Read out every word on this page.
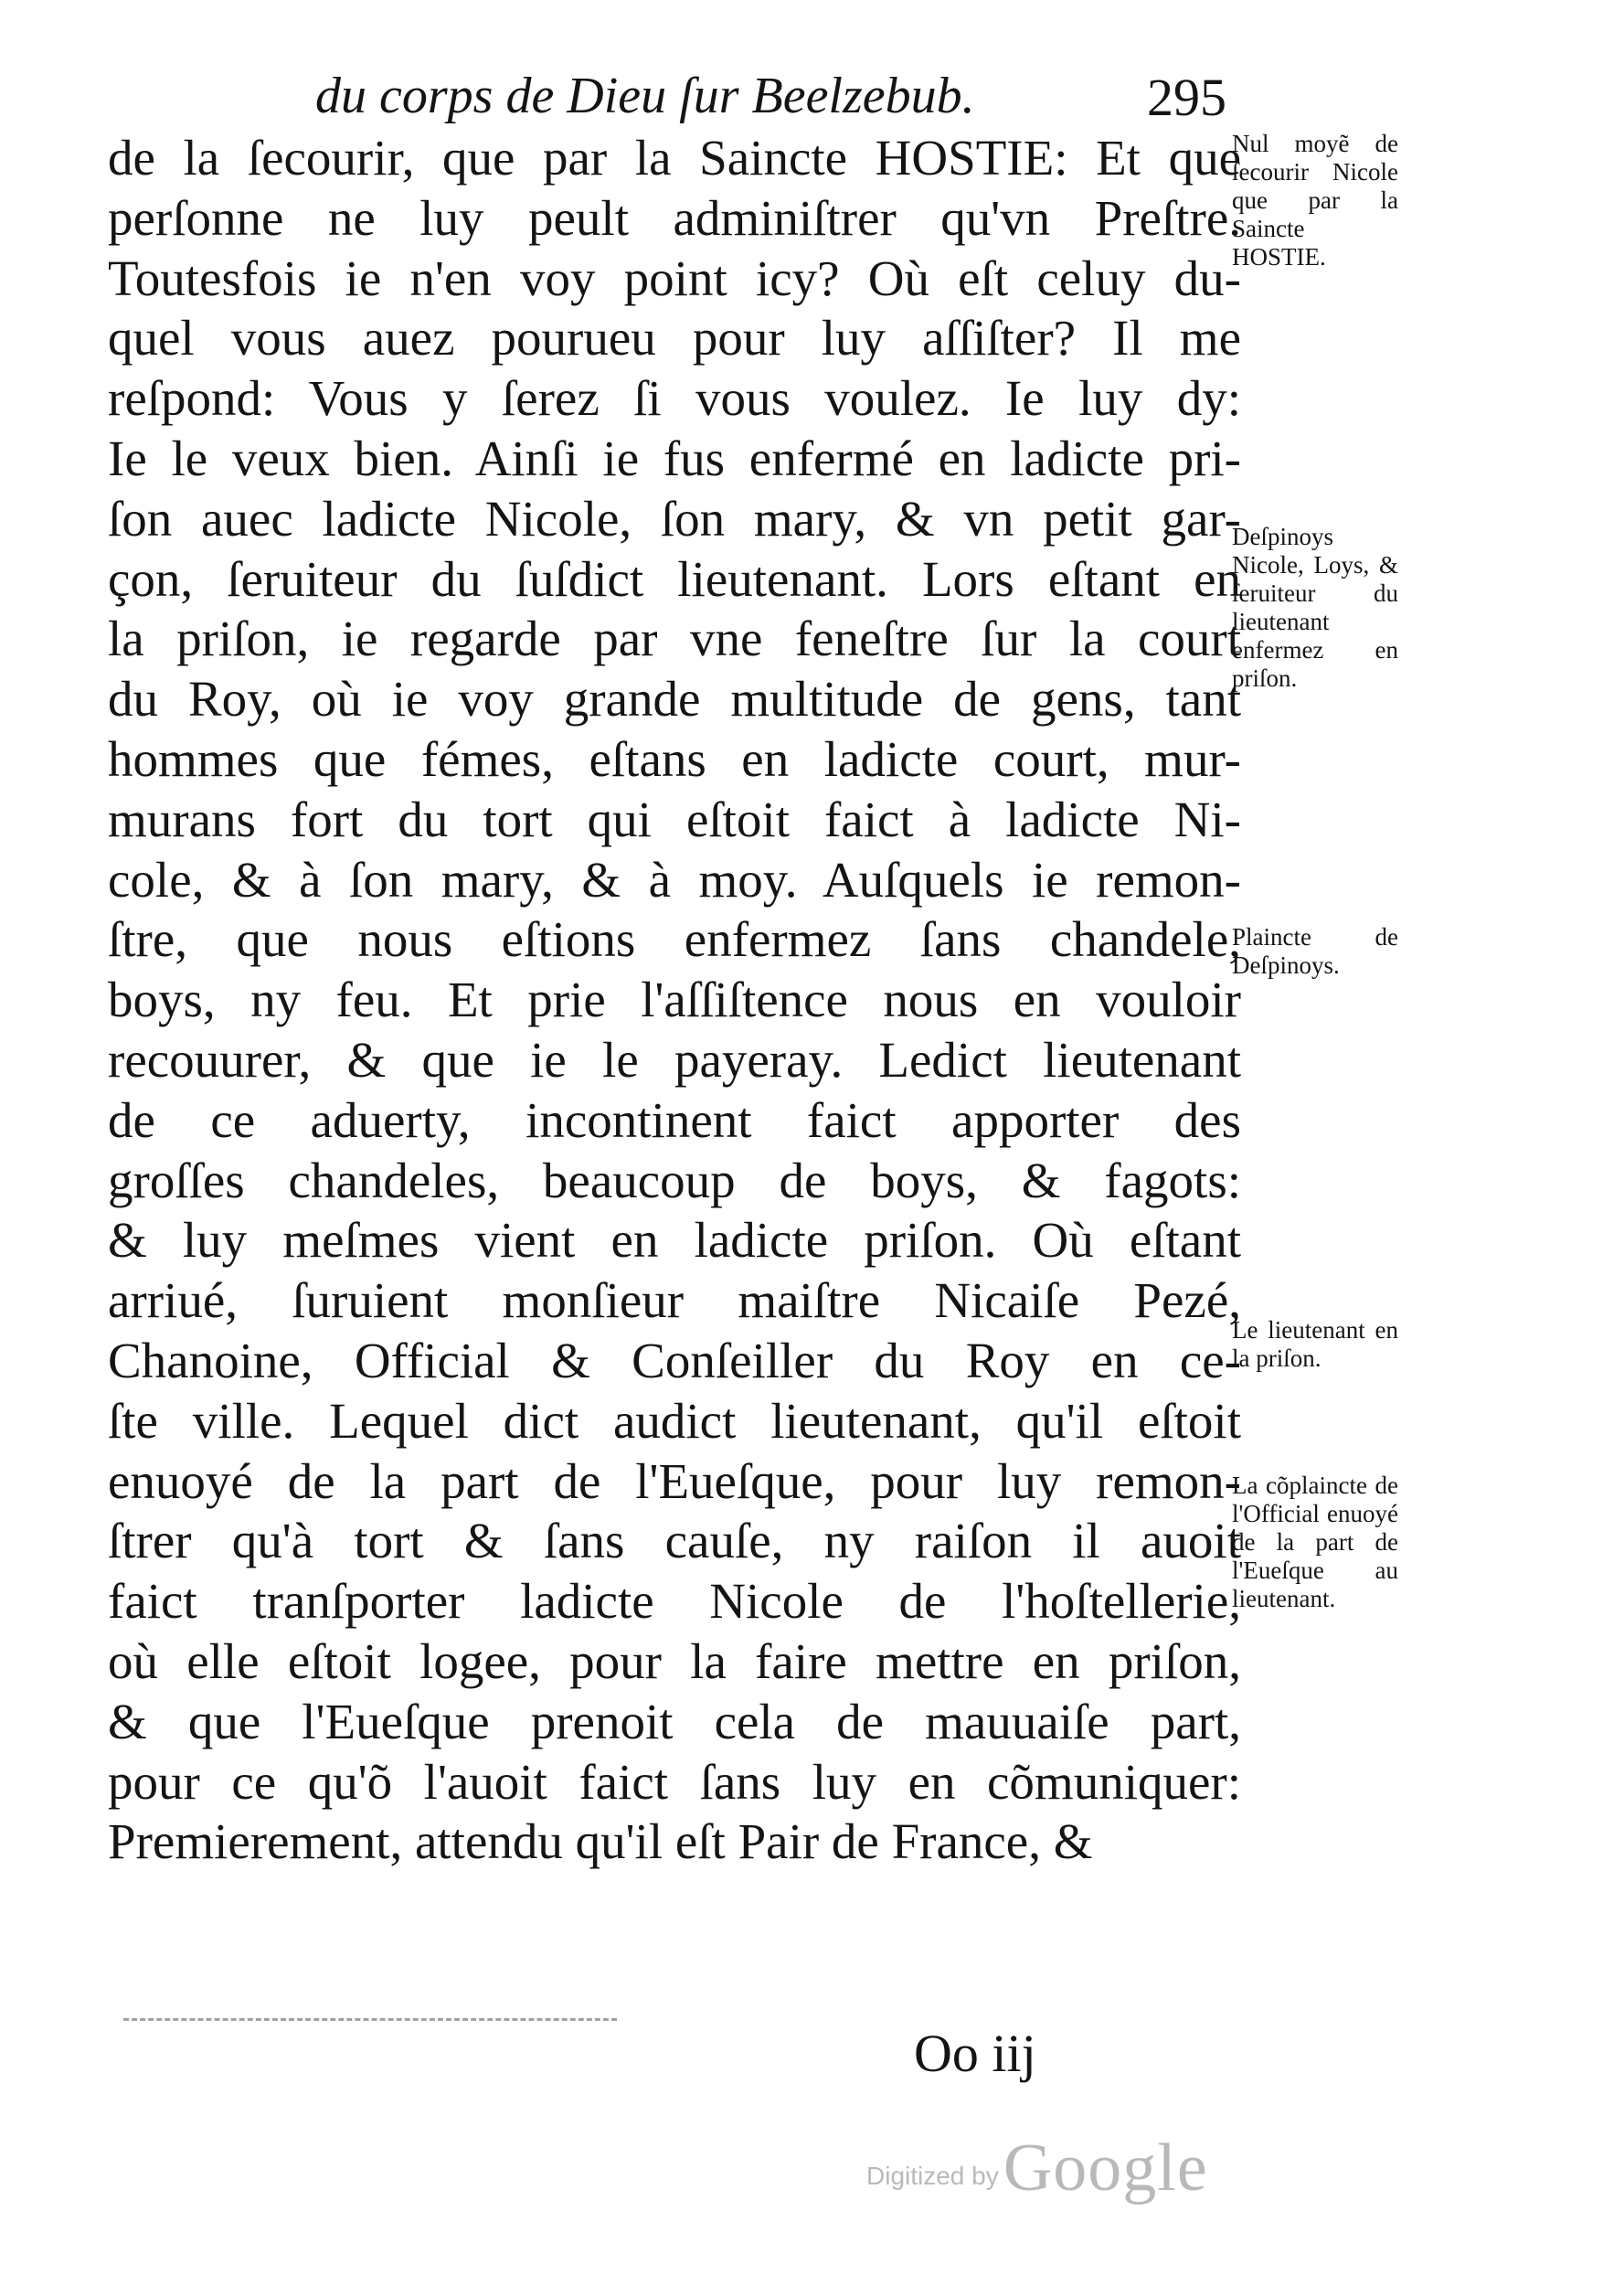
du corps de Dieu ſur Beelzebub.	295
de la ſecourir, que par la Saincte HOSTIE: Et que
perſonne ne luy peult adminiſtrer qu'vn Preſtre.
Toutesfois ie n'en voy point icy? Où eſt celuy du-
quel vous auez pourueu pour luy aſſiſter? Il me
reſpond: Vous y ſerez ſi vous voulez. Ie luy dy:
Ie le veux bien. Ainſi ie fus enfermé en ladicte pri-
ſon auec ladicte Nicole, ſon mary, & vn petit gar-
çon, ſeruiteur du ſuſdict lieutenant. Lors eſtant en
la priſon, ie regarde par vne feneſtre ſur la court
du Roy, où ie voy grande multitude de gens, tant
hommes que fémes, eſtans en ladicte court, mur-
murans fort du tort qui eſtoit faict à ladicte Ni-
cole, & à ſon mary, & à moy. Auſquels ie remon-
ſtre, que nous eſtions enfermez ſans chandele,
boys, ny feu. Et prie l'aſſiſtence nous en vouloir
recouurer, & que ie le payeray. Ledict lieutenant
de ce aduerty, incontinent faict apporter des
groſſes chandeles, beaucoup de boys, & fagots:
& luy meſmes vient en ladicte priſon. Où eſtant
arriué, ſuruient monſieur maiſtre Nicaiſe Pezé,
Chanoine, Official & Conſeiller du Roy en ce-
ſte ville. Lequel dict audict lieutenant, qu'il eſtoit
enuoyé de la part de l'Eueſque, pour luy remon-
ſtrer qu'à tort & ſans cauſe, ny raiſon il auoit
faict tranſporter ladicte Nicole de l'hoſtellerie,
où elle eſtoit logee, pour la faire mettre en priſon,
& que l'Eueſque prenoit cela de mauuaiſe part,
pour ce qu'õ l'auoit faict ſans luy en cõmuniquer:
Premierement, attendu qu'il eſt Pair de France, &
Nul moyẽ de ſecourir Nicole que par la Saincte HOSTIE.
Deſpinoys Nicole, Loys, & ſeruiteur du lieutenant enfermez en priſon.
Plaincte de Deſpinoys.
Le lieutenant en la priſon.
La cõplaincte de l'Official enuoyé de la part de l'Eueſque au lieutenant.
Oo iij
Digitized by Google
